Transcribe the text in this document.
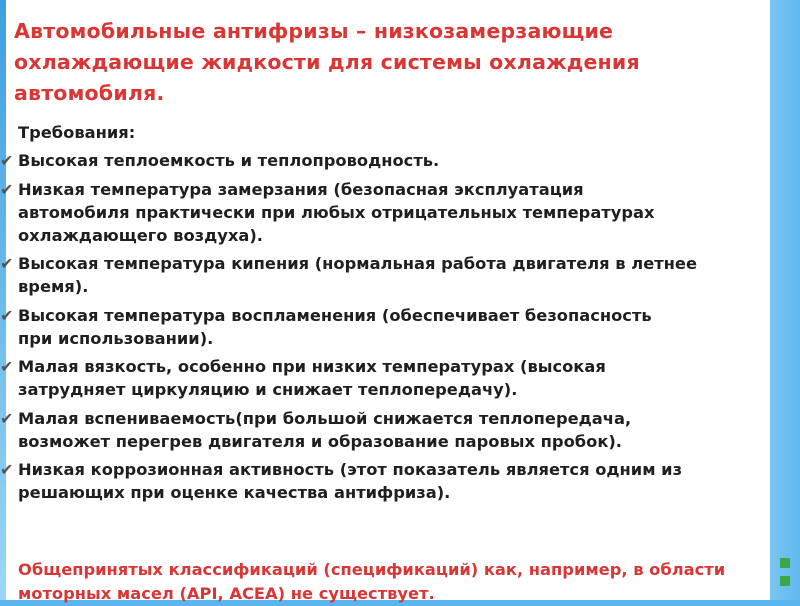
Автомобильные антифризы – низкозамерзающие охлаждающие жидкости для системы охлаждения автомобиля.
Требования:
✔ Высокая теплоемкость и теплопроводность.
✔ Низкая температура замерзания (безопасная эксплуатация
автомобиля практически при любых отрицательных температурах
охлаждающего воздуха).
✔ Высокая температура кипения (нормальная работа двигателя в летнее
время).
✔ Высокая температура воспламенения (обеспечивает безопасность
при использовании).
✔ Малая вязкость, особенно при низких температурах (высокая
затрудняет циркуляцию и снижает теплопередачу).
✔ Малая вспениваемость(при большой снижается теплопередача,
возможет перегрев двигателя и образование паровых пробок).
✔ Низкая коррозионная активность (этот показатель является одним из
решающих при оценке качества антифриза).
Общепринятых классификаций (спецификаций) как, например, в области моторных масел (API, ACEA) не существует.
